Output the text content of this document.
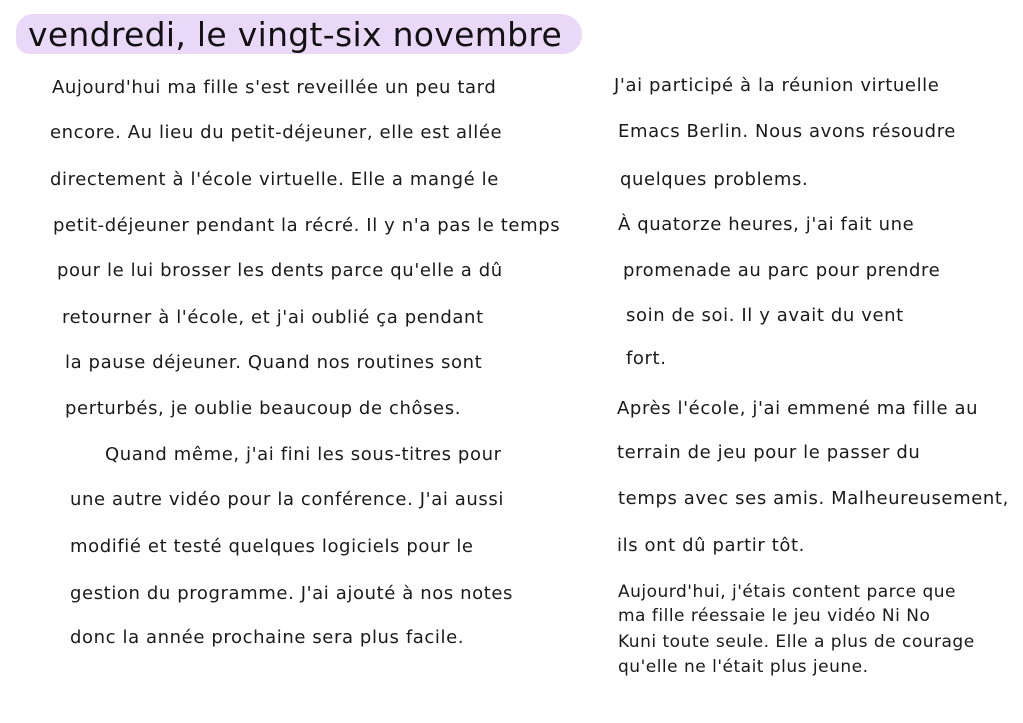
vendredi, le vingt-six novembre
Aujourd'hui ma fille s'est reveillée un peu tard
encore. Au lieu du petit-déjeuner, elle est allée
directement à l'école virtuelle. Elle a mangé le
petit-déjeuner pendant la récré. Il y n'a pas le temps
pour le lui brosser les dents parce qu'elle a dû
retourner à l'école, et j'ai oublié ça pendant
la pause déjeuner. Quand nos routines sont
perturbés, je oublie beaucoup de chôses.
Quand même, j'ai fini les sous-titres pour
une autre vidéo pour la conférence. J'ai aussi
modifié et testé quelques logiciels pour le
gestion du programme. J'ai ajouté à nos notes
donc la année prochaine sera plus facile.
J'ai participé à la réunion virtuelle
Emacs Berlin. Nous avons résoudre
quelques problems.
À quatorze heures, j'ai fait une
promenade au parc pour prendre
soin de soi. Il y avait du vent
fort.
Après l'école, j'ai emmené ma fille au
terrain de jeu pour le passer du
temps avec ses amis. Malheureusement,
ils ont dû partir tôt.
Aujourd'hui, j'étais content parce que
ma fille réessaie le jeu vidéo Ni No
Kuni toute seule. Elle a plus de courage
qu'elle ne l'était plus jeune.
